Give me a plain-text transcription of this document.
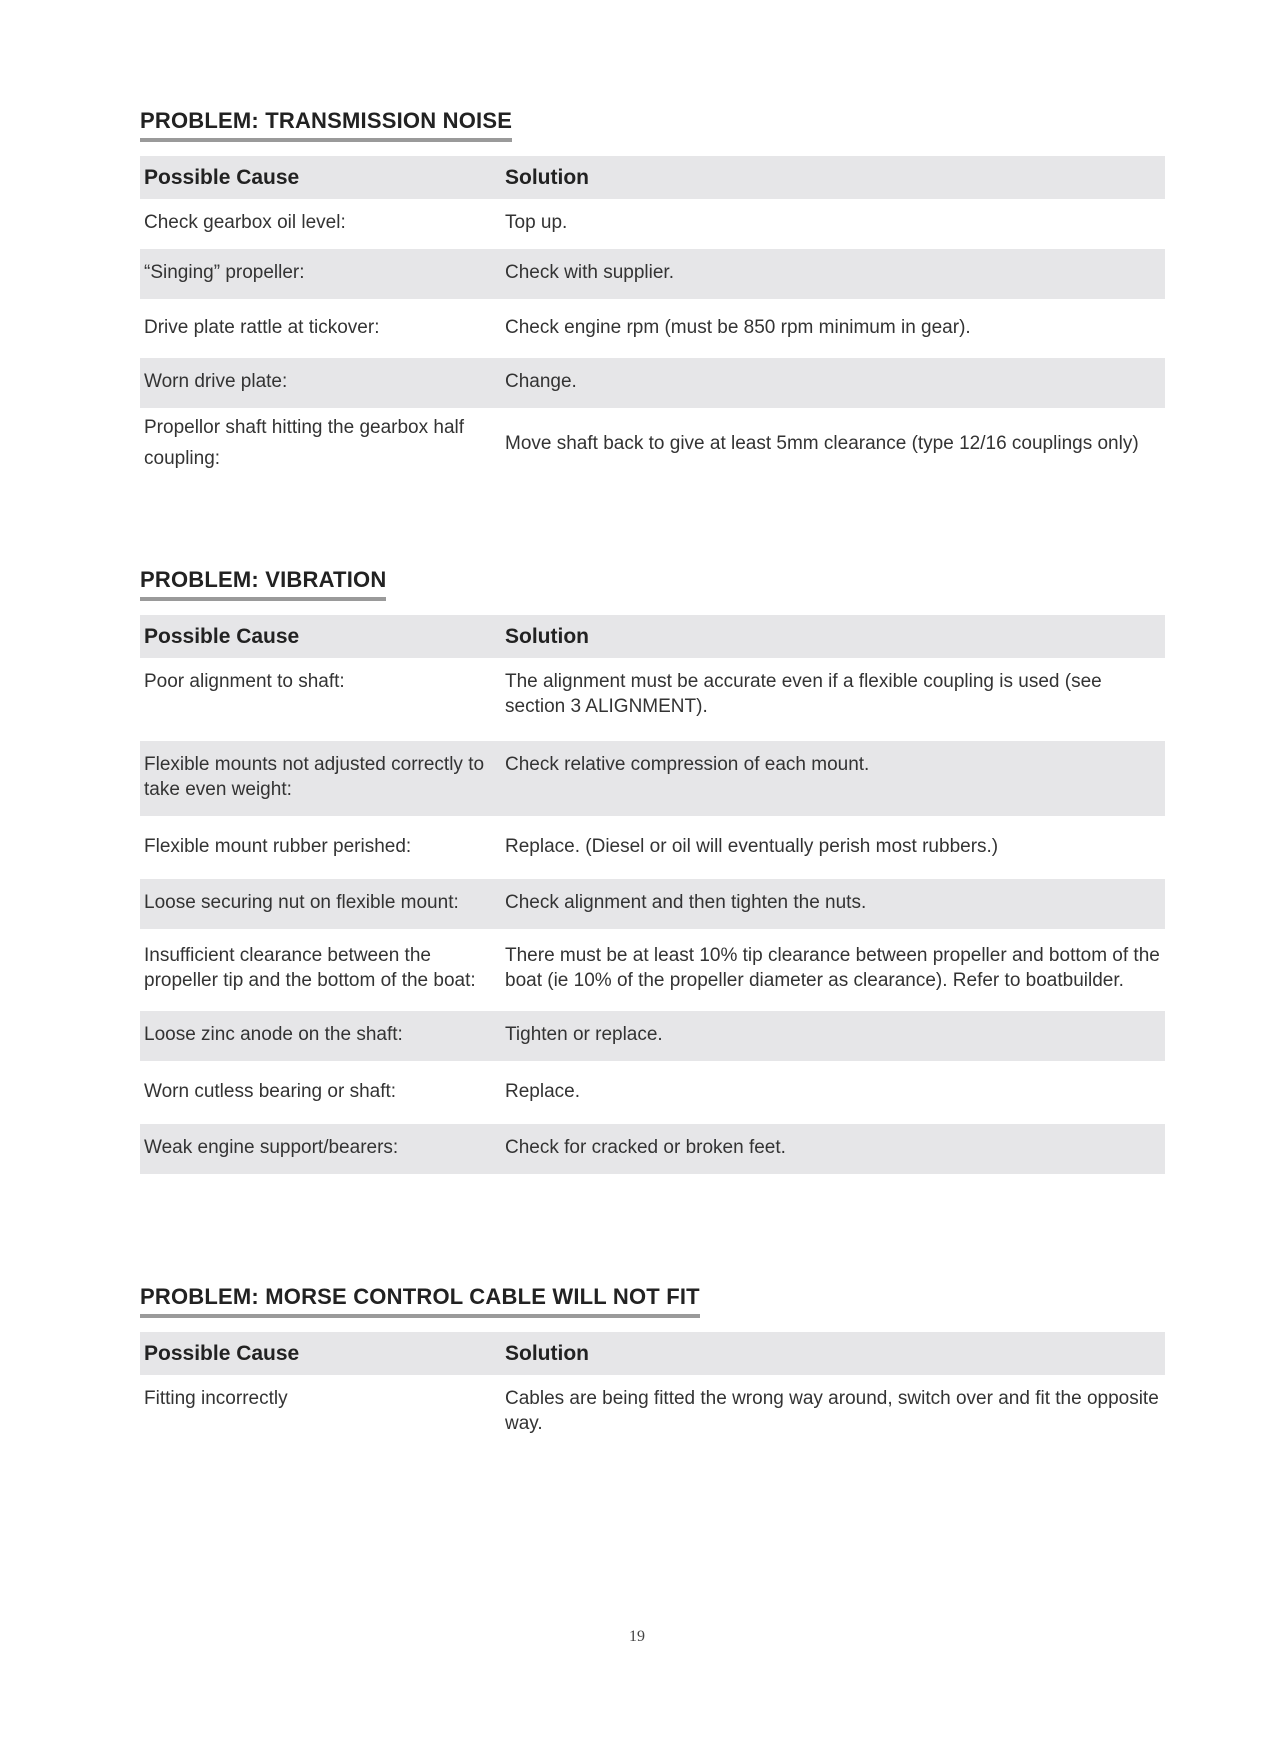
PROBLEM: TRANSMISSION NOISE
Possible Cause	Solution
Check gearbox oil level:	Top up.
“Singing” propeller:	Check with supplier.
Drive plate rattle at tickover:	Check engine rpm (must be 850 rpm minimum in gear).
Worn drive plate:	Change.
Propellor shaft hitting the gearbox half coupling:	Move shaft back to give at least 5mm clearance (type 12/16 couplings only)
PROBLEM: VIBRATION
Possible Cause	Solution
Poor alignment to shaft:	The alignment must be accurate even if a flexible coupling is used (see section 3 ALIGNMENT).
Flexible mounts not adjusted correctly to take even weight:	Check relative compression of each mount.
Flexible mount rubber perished:	Replace. (Diesel or oil will eventually perish most rubbers.)
Loose securing nut on flexible mount:	Check alignment and then tighten the nuts.
Insufficient clearance between the propeller tip and the bottom of the boat:	There must be at least 10% tip clearance between propeller and bottom of the boat (ie 10% of the propeller diameter as clearance). Refer to boatbuilder.
Loose zinc anode on the shaft:	Tighten or replace.
Worn cutless bearing or shaft:	Replace.
Weak engine support/bearers:	Check for cracked or broken feet.
PROBLEM: MORSE CONTROL CABLE WILL NOT FIT
Possible Cause	Solution
Fitting incorrectly	Cables are being fitted the wrong way around, switch over and fit the opposite way.
19
